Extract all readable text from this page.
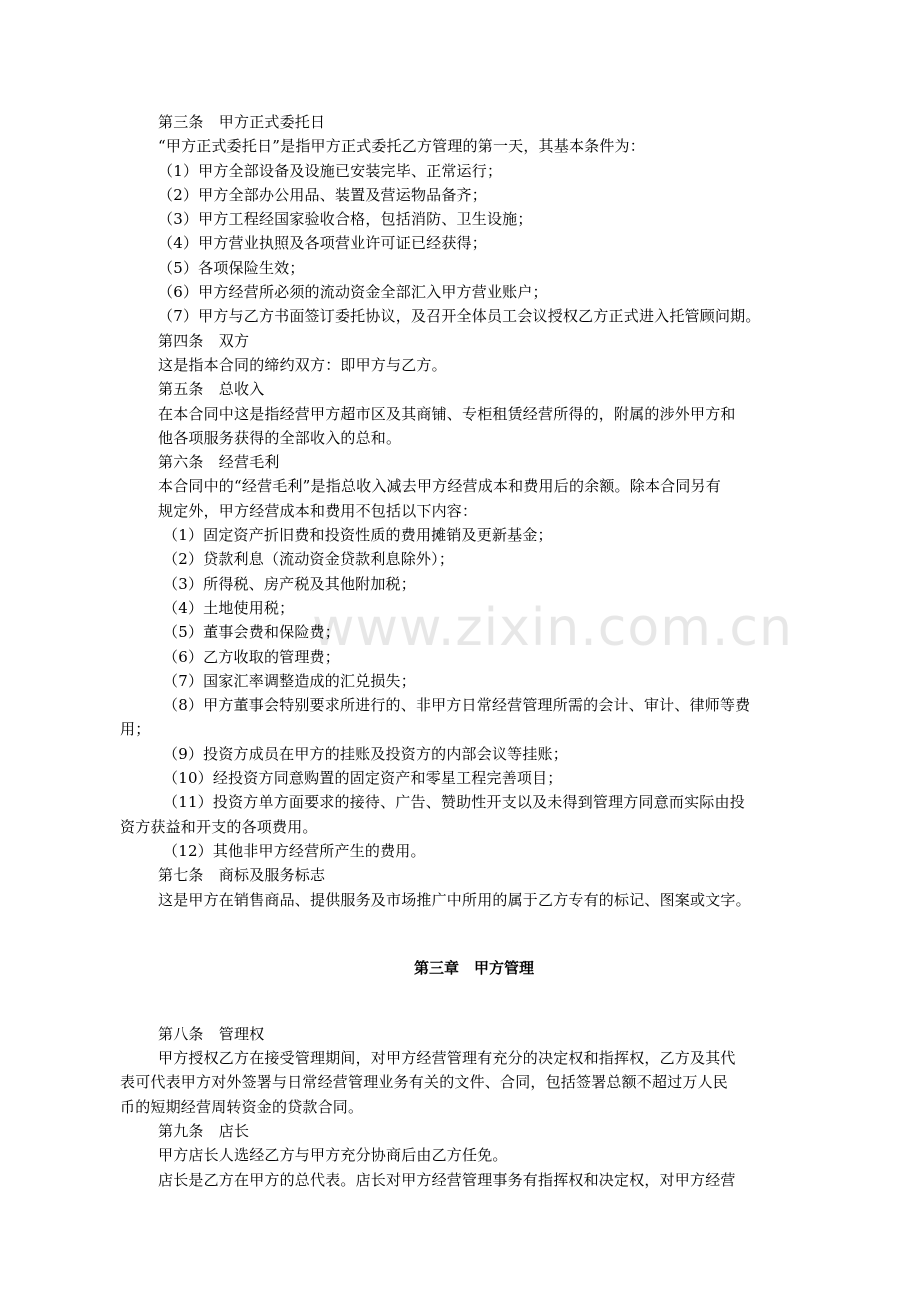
www.zixin.com.cn
第三条　甲方正式委托日
“甲方正式委托日”是指甲方正式委托乙方管理的第一天，其基本条件为：
（1）甲方全部设备及设施已安装完毕、正常运行；
（2）甲方全部办公用品、装置及营运物品备齐；
（3）甲方工程经国家验收合格，包括消防、卫生设施；
（4）甲方营业执照及各项营业许可证已经获得；
（5）各项保险生效；
（6）甲方经营所必须的流动资金全部汇入甲方营业账户；
（7）甲方与乙方书面签订委托协议，及召开全体员工会议授权乙方正式进入托管顾问期。
第四条　双方
这是指本合同的缔约双方：即甲方与乙方。
第五条　总收入
在本合同中这是指经营甲方超市区及其商铺、专柜租赁经营所得的，附属的涉外甲方和
他各项服务获得的全部收入的总和。
第六条　经营毛利
本合同中的“经营毛利”是指总收入减去甲方经营成本和费用后的余额。除本合同另有
规定外，甲方经营成本和费用不包括以下内容：
（1）固定资产折旧费和投资性质的费用摊销及更新基金；
（2）贷款利息（流动资金贷款利息除外）；
（3）所得税、房产税及其他附加税；
（4）土地使用税；
（5）董事会费和保险费；
（6）乙方收取的管理费；
（7）国家汇率调整造成的汇兑损失；
（8）甲方董事会特别要求所进行的、非甲方日常经营管理所需的会计、审计、律师等费
用；
（9）投资方成员在甲方的挂账及投资方的内部会议等挂账；
（10）经投资方同意购置的固定资产和零星工程完善项目；
（11）投资方单方面要求的接待、广告、赞助性开支以及未得到管理方同意而实际由投
资方获益和开支的各项费用。
（12）其他非甲方经营所产生的费用。
第七条　商标及服务标志
这是甲方在销售商品、提供服务及市场推广中所用的属于乙方专有的标记、图案或文字。
第三章　甲方管理
第八条　管理权
甲方授权乙方在接受管理期间，对甲方经营管理有充分的决定权和指挥权，乙方及其代
表可代表甲方对外签署与日常经营管理业务有关的文件、合同，包括签署总额不超过万人民
币的短期经营周转资金的贷款合同。
第九条　店长
甲方店长人选经乙方与甲方充分协商后由乙方任免。
店长是乙方在甲方的总代表。店长对甲方经营管理事务有指挥权和决定权，对甲方经营
